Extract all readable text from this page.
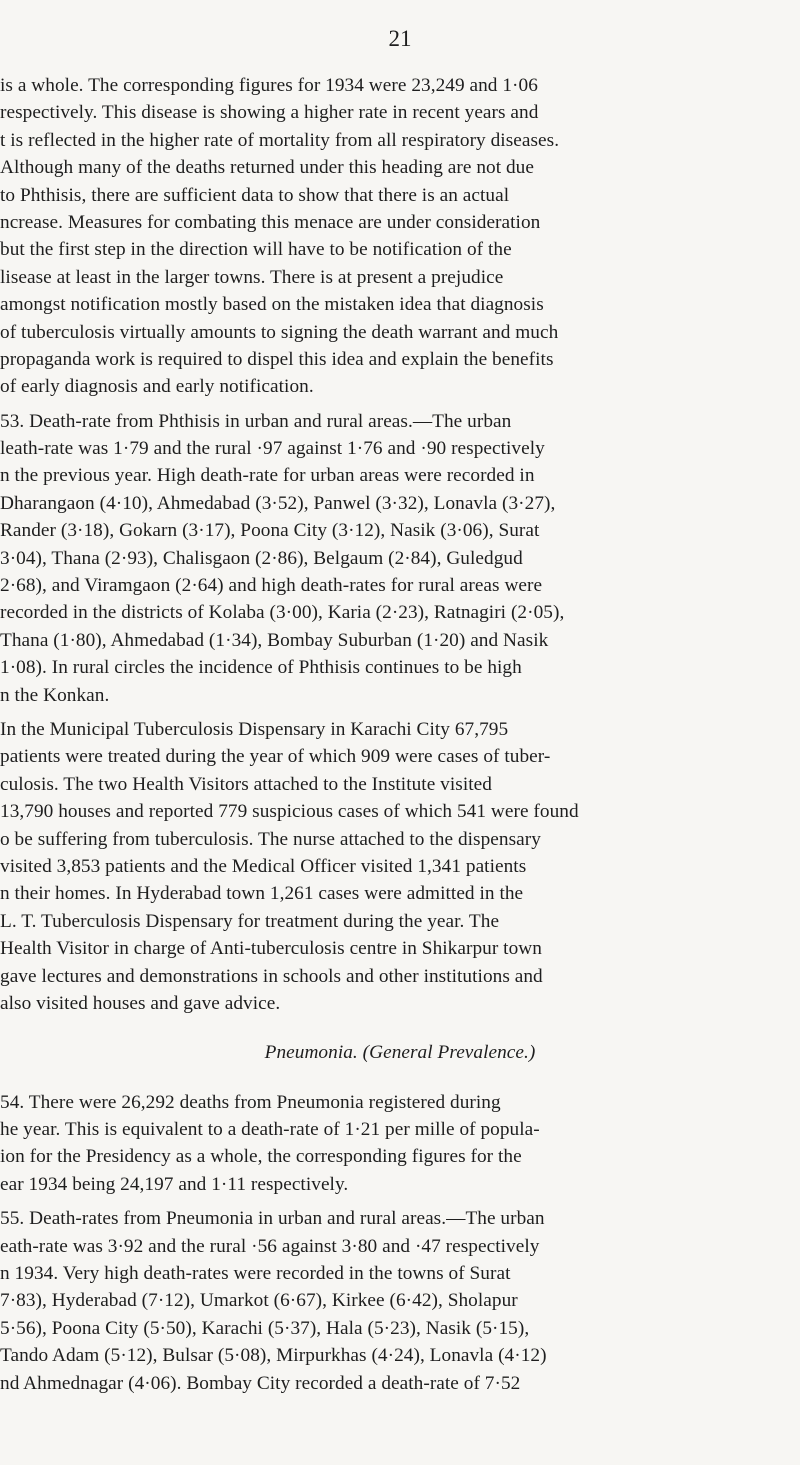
21
is a whole. The corresponding figures for 1934 were 23,249 and 1·06
respectively. This disease is showing a higher rate in recent years and
t is reflected in the higher rate of mortality from all respiratory diseases.
Although many of the deaths returned under this heading are not due
to Phthisis, there are sufficient data to show that there is an actual
ncrease. Measures for combating this menace are under consideration
but the first step in the direction will have to be notification of the
lisease at least in the larger towns. There is at present a prejudice
amongst notification mostly based on the mistaken idea that diagnosis
of tuberculosis virtually amounts to signing the death warrant and much
propaganda work is required to dispel this idea and explain the benefits
of early diagnosis and early notification.
53. Death-rate from Phthisis in urban and rural areas.—The urban
leath-rate was 1·79 and the rural ·97 against 1·76 and ·90 respectively
n the previous year. High death-rate for urban areas were recorded in
Dharangaon (4·10), Ahmedabad (3·52), Panwel (3·32), Lonavla (3·27),
Rander (3·18), Gokarn (3·17), Poona City (3·12), Nasik (3·06), Surat
3·04), Thana (2·93), Chalisgaon (2·86), Belgaum (2·84), Guledgud
2·68), and Viramgaon (2·64) and high death-rates for rural areas were
recorded in the districts of Kolaba (3·00), Karia (2·23), Ratnagiri (2·05),
Thana (1·80), Ahmedabad (1·34), Bombay Suburban (1·20) and Nasik
1·08). In rural circles the incidence of Phthisis continues to be high
n the Konkan.
In the Municipal Tuberculosis Dispensary in Karachi City 67,795
patients were treated during the year of which 909 were cases of tuber-
culosis. The two Health Visitors attached to the Institute visited
13,790 houses and reported 779 suspicious cases of which 541 were found
o be suffering from tuberculosis. The nurse attached to the dispensary
visited 3,853 patients and the Medical Officer visited 1,341 patients
n their homes. In Hyderabad town 1,261 cases were admitted in the
L. T. Tuberculosis Dispensary for treatment during the year. The
Health Visitor in charge of Anti-tuberculosis centre in Shikarpur town
gave lectures and demonstrations in schools and other institutions and
also visited houses and gave advice.
Pneumonia. (General Prevalence.)
54. There were 26,292 deaths from Pneumonia registered during
he year. This is equivalent to a death-rate of 1·21 per mille of popula-
ion for the Presidency as a whole, the corresponding figures for the
ear 1934 being 24,197 and 1·11 respectively.
55. Death-rates from Pneumonia in urban and rural areas.—The urban
eath-rate was 3·92 and the rural ·56 against 3·80 and ·47 respectively
n 1934. Very high death-rates were recorded in the towns of Surat
7·83), Hyderabad (7·12), Umarkot (6·67), Kirkee (6·42), Sholapur
5·56), Poona City (5·50), Karachi (5·37), Hala (5·23), Nasik (5·15),
Tando Adam (5·12), Bulsar (5·08), Mirpurkhas (4·24), Lonavla (4·12)
nd Ahmednagar (4·06). Bombay City recorded a death-rate of 7·52
